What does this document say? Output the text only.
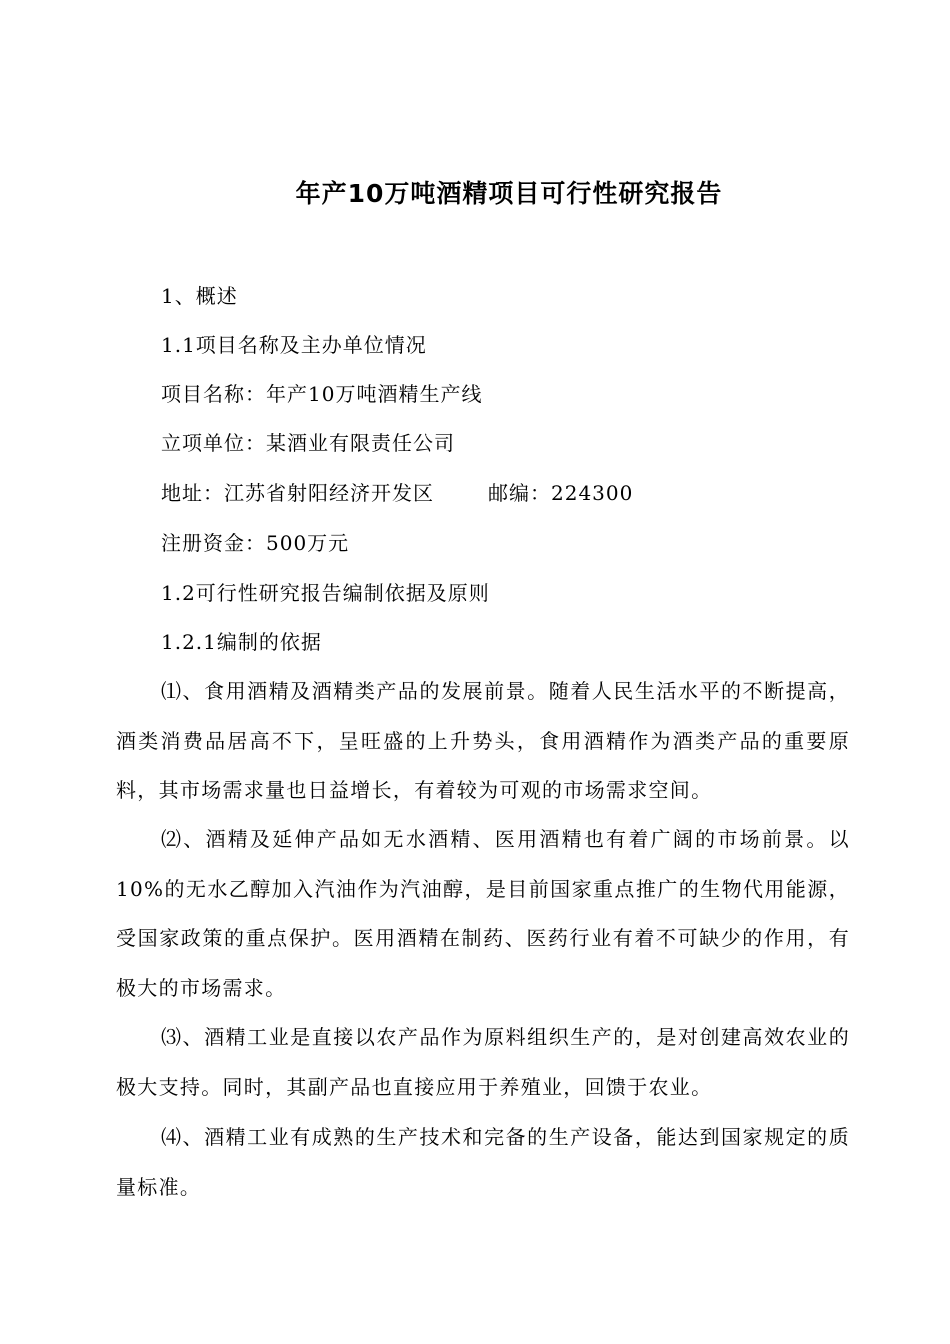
年产10万吨酒精项目可行性研究报告
1、概述
1.1项目名称及主办单位情况
项目名称：年产10万吨酒精生产线
立项单位：某酒业有限责任公司
地址：江苏省射阳经济开发区	邮编：224300
注册资金：500万元
1.2可行性研究报告编制依据及原则
1.2.1编制的依据
⑴、食用酒精及酒精类产品的发展前景。随着人民生活水平的不断提高，酒类消费品居高不下，呈旺盛的上升势头，食用酒精作为酒类产品的重要原料，其市场需求量也日益增长，有着较为可观的市场需求空间。
⑵、酒精及延伸产品如无水酒精、医用酒精也有着广阔的市场前景。以10%的无水乙醇加入汽油作为汽油醇，是目前国家重点推广的生物代用能源，受国家政策的重点保护。医用酒精在制药、医药行业有着不可缺少的作用，有极大的市场需求。
⑶、酒精工业是直接以农产品作为原料组织生产的，是对创建高效农业的极大支持。同时，其副产品也直接应用于养殖业，回馈于农业。
⑷、酒精工业有成熟的生产技术和完备的生产设备，能达到国家规定的质量标准。
